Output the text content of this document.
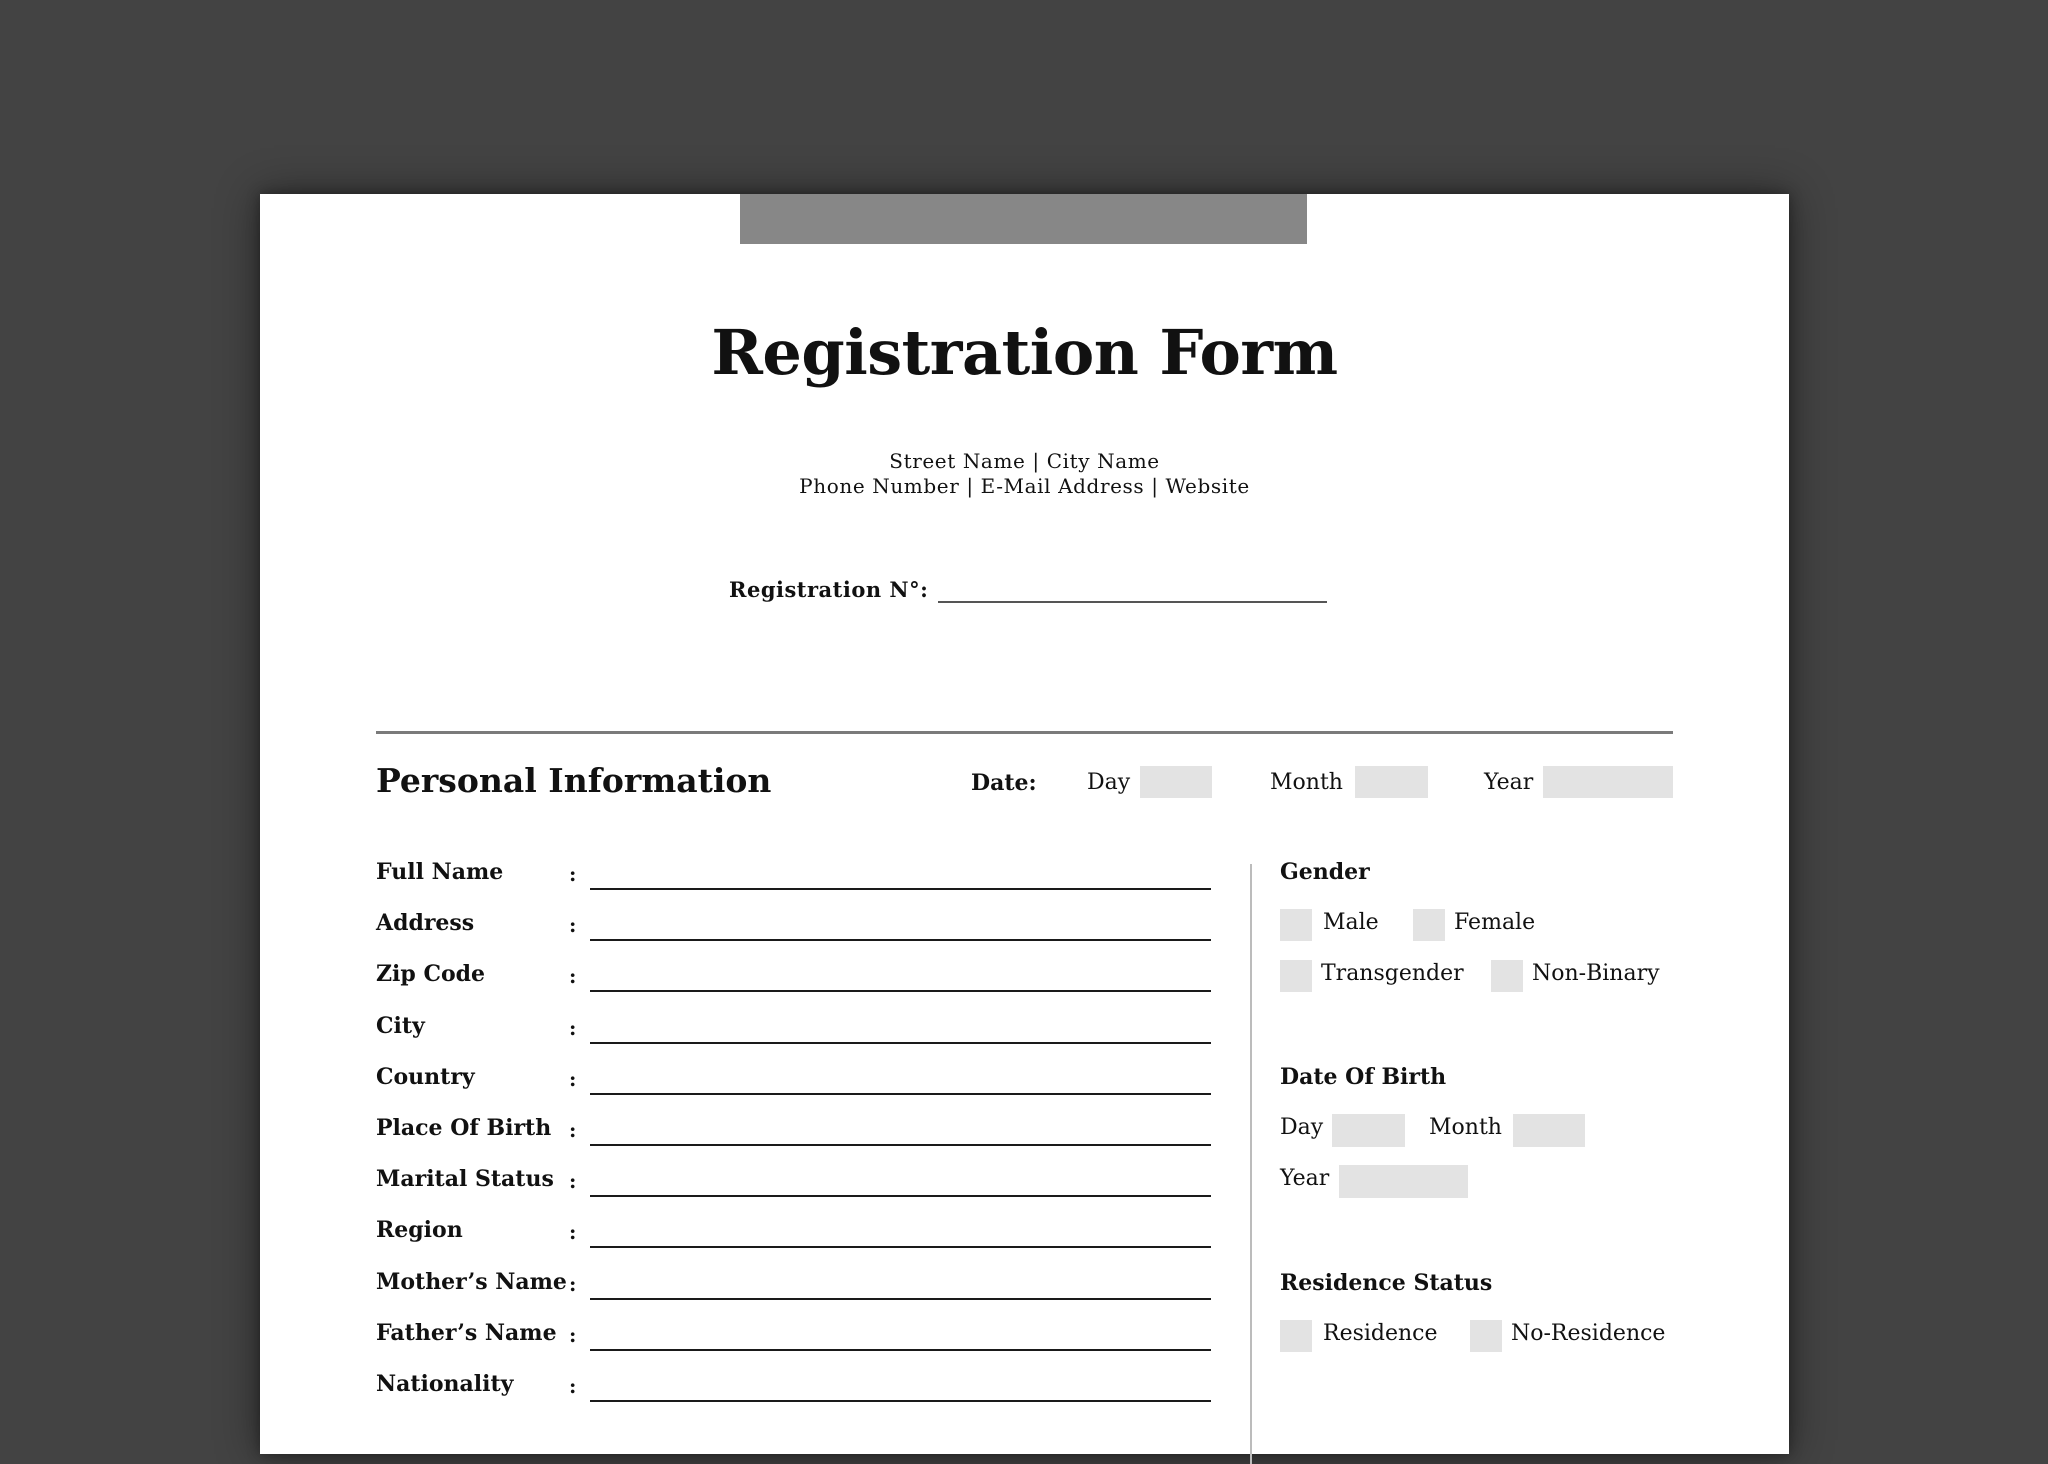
Registration Form
Street Name | City Name
Phone Number | E-Mail Address | Website
Registration N°:
Personal Information	Date: Day	Month	Year
Full Name	:
Address	:
Zip Code	:
City	:
Country	:
Place Of Birth :
Marital Status :
Region	:
Mother’s Name :
Father’s Name :
Nationality	:
Gender
Male	Female
Transgender	Non-Binary
Date Of Birth
Day	Month
Year
Residence Status
Residence	No-Residence
